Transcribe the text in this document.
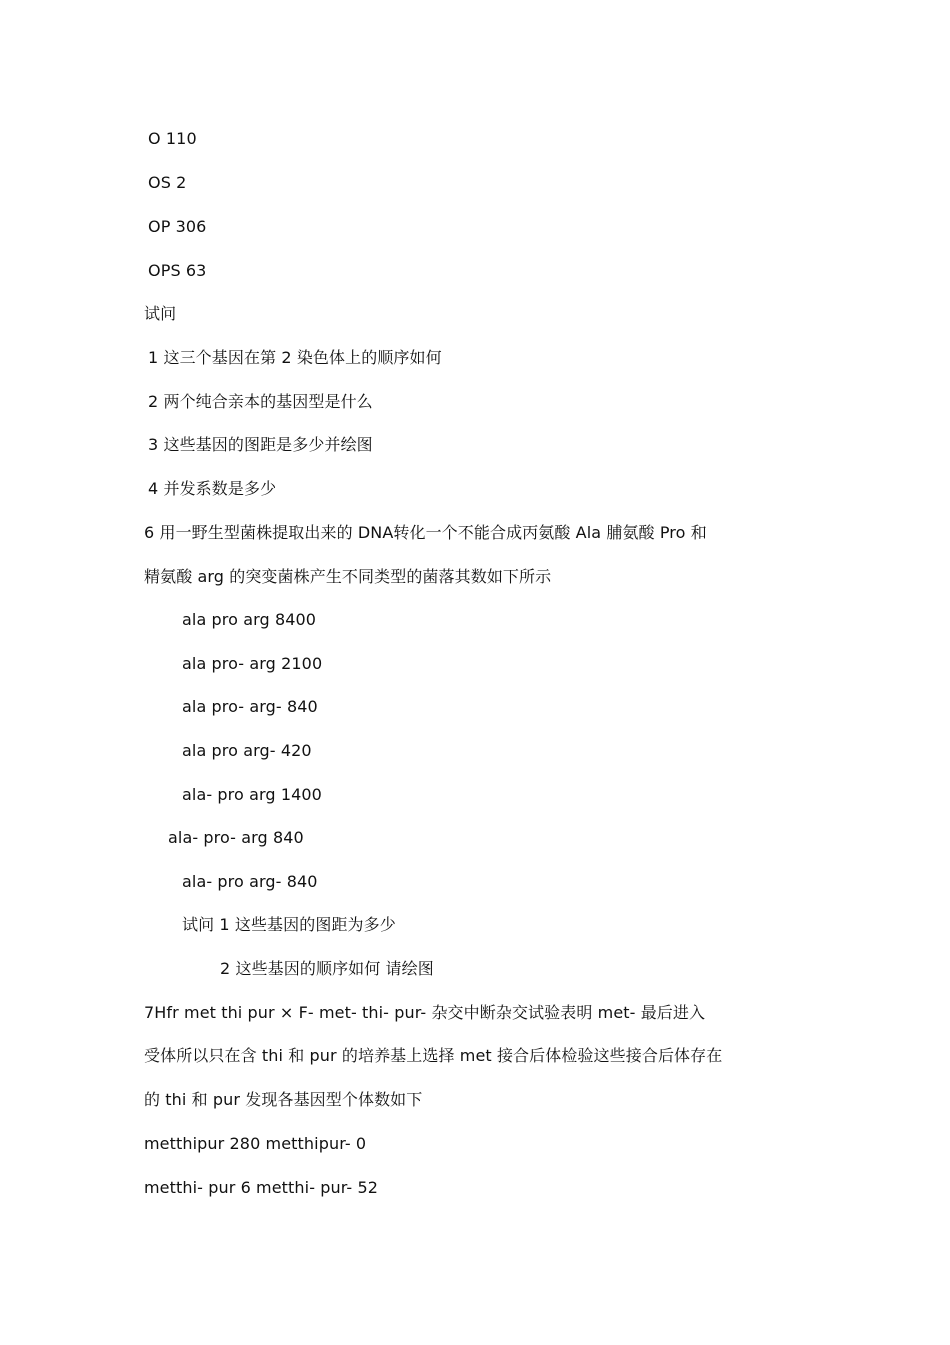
O 110
OS 2
OP 306
OPS 63
试问
1 这三个基因在第 2 染色体上的顺序如何
2 两个纯合亲本的基因型是什么
3 这些基因的图距是多少并绘图
4 并发系数是多少
6 用一野生型菌株提取出来的 DNA转化一个不能合成丙氨酸 Ala 脯氨酸 Pro 和
精氨酸 arg 的突变菌株产生不同类型的菌落其数如下所示
ala pro arg 8400
ala pro- arg 2100
ala pro- arg- 840
ala pro arg- 420
ala- pro arg 1400
ala- pro- arg 840
ala- pro arg- 840
试问 1 这些基因的图距为多少
2 这些基因的顺序如何 请绘图
7Hfr met thi pur × F- met- thi- pur- 杂交中断杂交试验表明 met- 最后进入
受体所以只在含 thi 和 pur 的培养基上选择 met 接合后体检验这些接合后体存在
的 thi 和 pur 发现各基因型个体数如下
metthipur 280 metthipur- 0
metthi- pur 6 metthi- pur- 52
